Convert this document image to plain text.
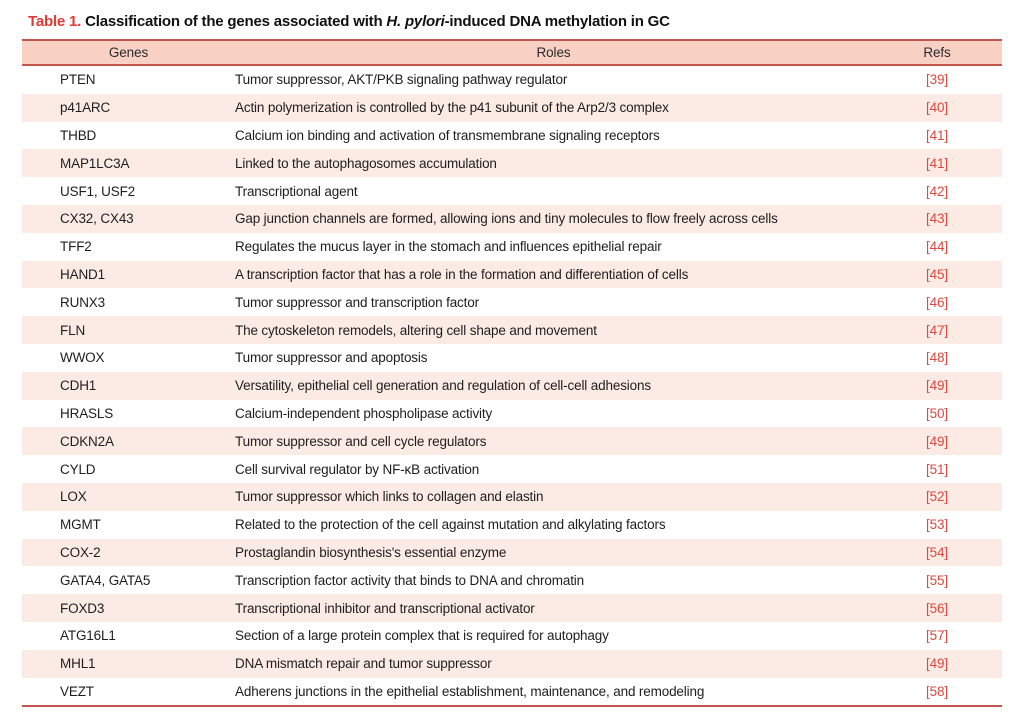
Table 1. Classification of the genes associated with H. pylori-induced DNA methylation in GC
Genes	Roles	Refs
PTEN	Tumor suppressor, AKT/PKB signaling pathway regulator	[39]
p41ARC	Actin polymerization is controlled by the p41 subunit of the Arp2/3 complex	[40]
THBD	Calcium ion binding and activation of transmembrane signaling receptors	[41]
MAP1LC3A	Linked to the autophagosomes accumulation	[41]
USF1, USF2	Transcriptional agent	[42]
CX32, CX43	Gap junction channels are formed, allowing ions and tiny molecules to flow freely across cells	[43]
TFF2	Regulates the mucus layer in the stomach and influences epithelial repair	[44]
HAND1	A transcription factor that has a role in the formation and differentiation of cells	[45]
RUNX3	Tumor suppressor and transcription factor	[46]
FLN	The cytoskeleton remodels, altering cell shape and movement	[47]
WWOX	Tumor suppressor and apoptosis	[48]
CDH1	Versatility, epithelial cell generation and regulation of cell-cell adhesions	[49]
HRASLS	Calcium-independent phospholipase activity	[50]
CDKN2A	Tumor suppressor and cell cycle regulators	[49]
CYLD	Cell survival regulator by NF-κB activation	[51]
LOX	Tumor suppressor which links to collagen and elastin	[52]
MGMT	Related to the protection of the cell against mutation and alkylating factors	[53]
COX-2	Prostaglandin biosynthesis's essential enzyme	[54]
GATA4, GATA5	Transcription factor activity that binds to DNA and chromatin	[55]
FOXD3	Transcriptional inhibitor and transcriptional activator	[56]
ATG16L1	Section of a large protein complex that is required for autophagy	[57]
MHL1	DNA mismatch repair and tumor suppressor	[49]
VEZT	Adherens junctions in the epithelial establishment, maintenance, and remodeling	[58]
